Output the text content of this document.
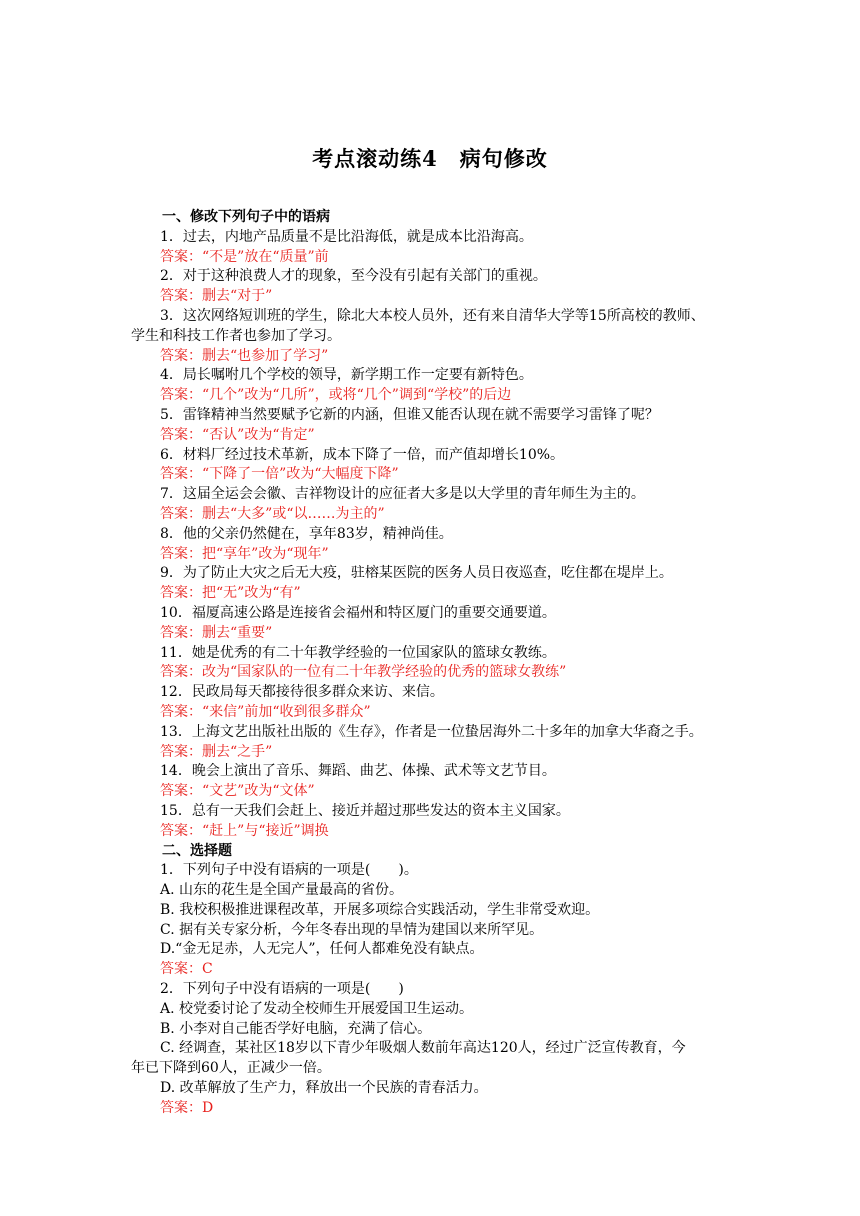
考点滚动练4　病句修改
一、修改下列句子中的语病
1．过去，内地产品质量不是比沿海低，就是成本比沿海高。
答案：“不是”放在“质量”前
2．对于这种浪费人才的现象，至今没有引起有关部门的重视。
答案：删去“对于”
3．这次网络短训班的学生，除北大本校人员外，还有来自清华大学等15所高校的教师、
学生和科技工作者也参加了学习。
答案：删去“也参加了学习”
4．局长嘱咐几个学校的领导，新学期工作一定要有新特色。
答案：“几个”改为“几所”，或将“几个”调到“学校”的后边
5．雷锋精神当然要赋予它新的内涵，但谁又能否认现在就不需要学习雷锋了呢？
答案：“否认”改为“肯定”
6．材料厂经过技术革新，成本下降了一倍，而产值却增长10%。
答案：“下降了一倍”改为“大幅度下降”
7．这届全运会会徽、吉祥物设计的应征者大多是以大学里的青年师生为主的。
答案：删去“大多”或“以……为主的”
8．他的父亲仍然健在，享年83岁，精神尚佳。
答案：把“享年”改为“现年”
9．为了防止大灾之后无大疫，驻榕某医院的医务人员日夜巡查，吃住都在堤岸上。
答案：把“无”改为“有”
10．福厦高速公路是连接省会福州和特区厦门的重要交通要道。
答案：删去“重要”
11．她是优秀的有二十年教学经验的一位国家队的篮球女教练。
答案：改为“国家队的一位有二十年教学经验的优秀的篮球女教练”
12．民政局每天都接待很多群众来访、来信。
答案：“来信”前加“收到很多群众”
13．上海文艺出版社出版的《生存》，作者是一位蛰居海外二十多年的加拿大华裔之手。
答案：删去“之手”
14．晚会上演出了音乐、舞蹈、曲艺、体操、武术等文艺节目。
答案：“文艺”改为“文体”
15．总有一天我们会赶上、接近并超过那些发达的资本主义国家。
答案：“赶上”与“接近”调换
二、选择题
1．下列句子中没有语病的一项是(　　)。
A. 山东的花生是全国产量最高的省份。
B. 我校积极推进课程改革，开展多项综合实践活动，学生非常受欢迎。
C. 据有关专家分析，今年冬春出现的旱情为建国以来所罕见。
D.“金无足赤，人无完人”，任何人都难免没有缺点。
答案：C
2．下列句子中没有语病的一项是(　　)
A. 校党委讨论了发动全校师生开展爱国卫生运动。
B. 小李对自己能否学好电脑，充满了信心。
C. 经调查，某社区18岁以下青少年吸烟人数前年高达120人，经过广泛宣传教育，今
年已下降到60人，正减少一倍。
D. 改革解放了生产力，释放出一个民族的青春活力。
答案：D
